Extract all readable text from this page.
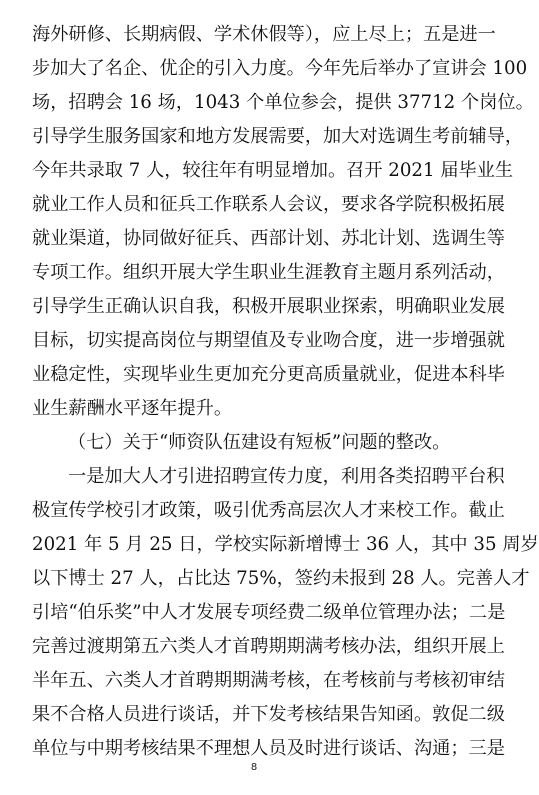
海外研修、长期病假、学术休假等），应上尽上；五是进一
步加大了名企、优企的引入力度。今年先后举办了宣讲会 100
场，招聘会 16 场，1043 个单位参会，提供 37712 个岗位。
引导学生服务国家和地方发展需要，加大对选调生考前辅导，
今年共录取 7 人，较往年有明显增加。召开 2021 届毕业生
就业工作人员和征兵工作联系人会议，要求各学院积极拓展
就业渠道，协同做好征兵、西部计划、苏北计划、选调生等
专项工作。组织开展大学生职业生涯教育主题月系列活动，
引导学生正确认识自我，积极开展职业探索，明确职业发展
目标，切实提高岗位与期望值及专业吻合度，进一步增强就
业稳定性，实现毕业生更加充分更高质量就业，促进本科毕
业生薪酬水平逐年提升。
（七）关于“师资队伍建设有短板”问题的整改。
一是加大人才引进招聘宣传力度，利用各类招聘平台积
极宣传学校引才政策，吸引优秀高层次人才来校工作。截止
2021 年 5 月 25 日，学校实际新增博士 36 人，其中 35 周岁
以下博士 27 人，占比达 75%，签约未报到 28 人。完善人才
引培“伯乐奖”中人才发展专项经费二级单位管理办法；二是
完善过渡期第五六类人才首聘期期满考核办法，组织开展上
半年五、六类人才首聘期期满考核，在考核前与考核初审结
果不合格人员进行谈话，并下发考核结果告知函。敦促二级
单位与中期考核结果不理想人员及时进行谈话、沟通；三是
8
